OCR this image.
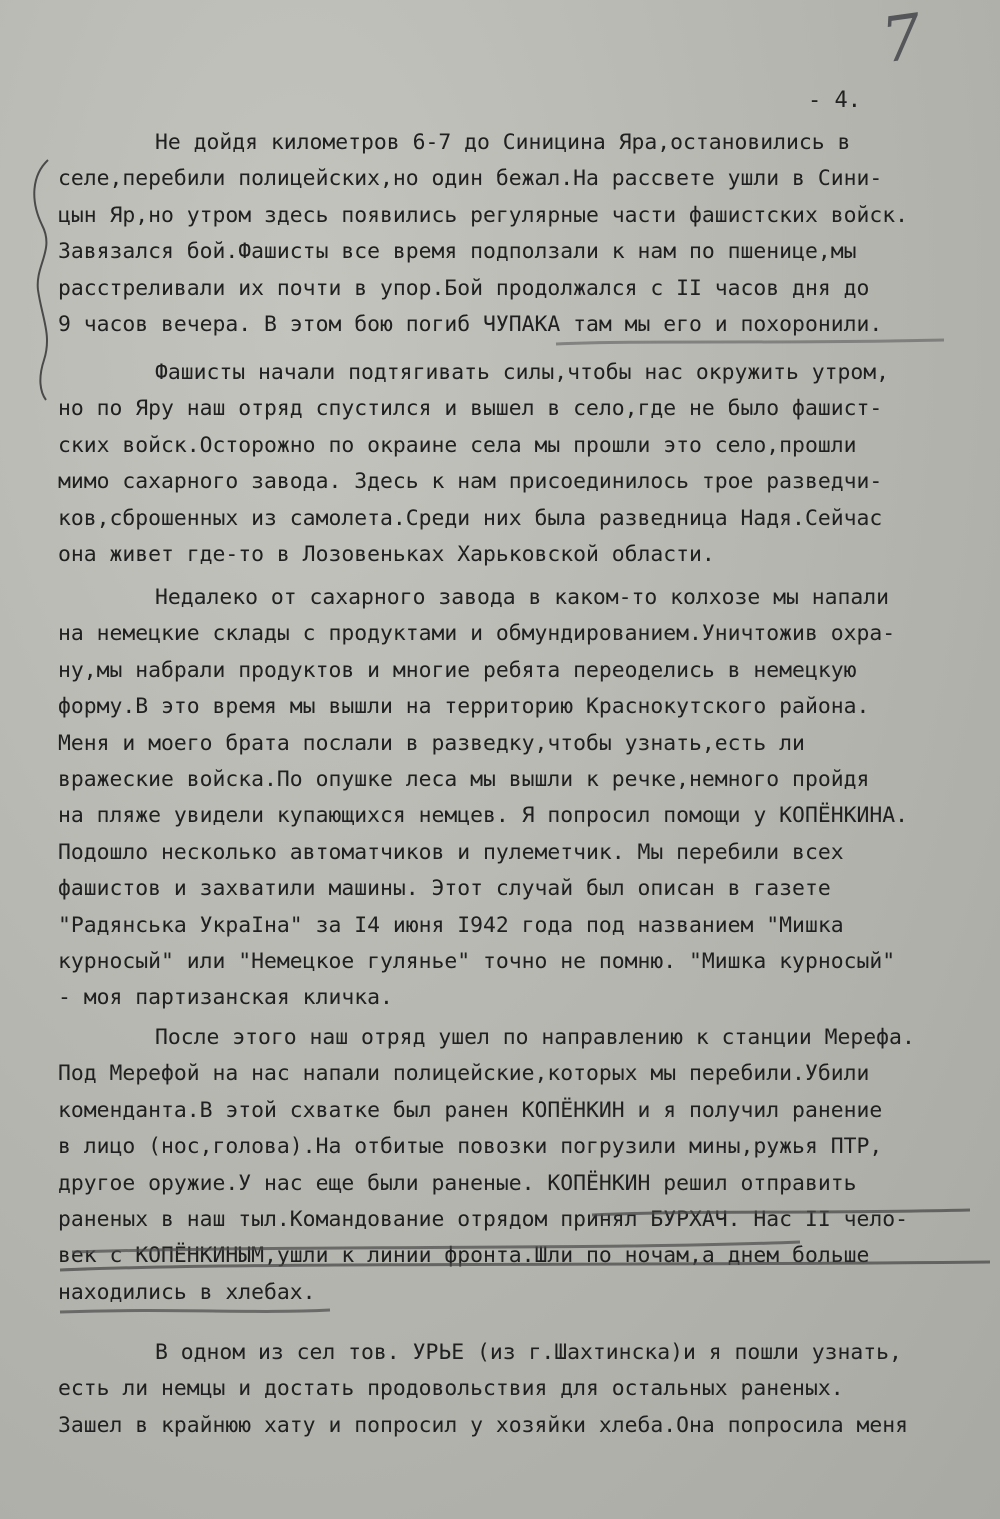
7
- 4.
Не дойдя километров 6-7 до Синицина Яра,остановились в
селе,перебили полицейских,но один бежал.На рассвете ушли в Сини-
цын Яр,но утром здесь появились регулярные части фашистских войск.
Завязался бой.Фашисты все время подползали к нам по пшенице,мы
расстреливали их почти в упор.Бой продолжался с II часов дня до
9 часов вечера. В этом бою погиб ЧУПАКА там мы его и похоронили.
Фашисты начали подтягивать силы,чтобы нас окружить утром,
но по Яру наш отряд спустился и вышел в село,где не было фашист-
ских войск.Осторожно по окраине села мы прошли это село,прошли
мимо сахарного завода. Здесь к нам присоединилось трое разведчи-
ков,сброшенных из самолета.Среди них была разведница Надя.Сейчас
она живет где-то в Лозовеньках Харьковской области.
Недалеко от сахарного завода в каком-то колхозе мы напали
на немецкие склады с продуктами и обмундированием.Уничтожив охра-
ну,мы набрали продуктов и многие ребята переоделись в немецкую
форму.В это время мы вышли на территорию Краснокутского района.
Меня и моего брата послали в разведку,чтобы узнать,есть ли
вражеские войска.По опушке леса мы вышли к речке,немного пройдя
на пляже увидели купающихся немцев. Я попросил помощи у КОПЁНКИНА.
Подошло несколько автоматчиков и пулеметчик. Мы перебили всех
фашистов и захватили машины. Этот случай был описан в газете
"Радянська УкраIна" за I4 июня I942 года под названием "Мишка
курносый" или "Немецкое гулянье" точно не помню. "Мишка курносый"
- моя партизанская кличка.
После этого наш отряд ушел по направлению к станции Мерефа.
Под Мерефой на нас напали полицейские,которых мы перебили.Убили
коменданта.В этой схватке был ранен КОПЁНКИН и я получил ранение
в лицо (нос,голова).На отбитые повозки погрузили мины,ружья ПТР,
другое оружие.У нас еще были раненые. КОПЁНКИН решил отправить
раненых в наш тыл.Командование отрядом принял БУРХАЧ. Нас II чело-
век с КОПЁНКИНЫМ,ушли к линии фронта.Шли по ночам,а днем больше
находились в хлебах.
В одном из сел тов. УРЬЕ (из г.Шахтинска)и я пошли узнать,
есть ли немцы и достать продовольствия для остальных раненых.
Зашел в крайнюю хату и попросил у хозяйки хлеба.Она попросила меня
